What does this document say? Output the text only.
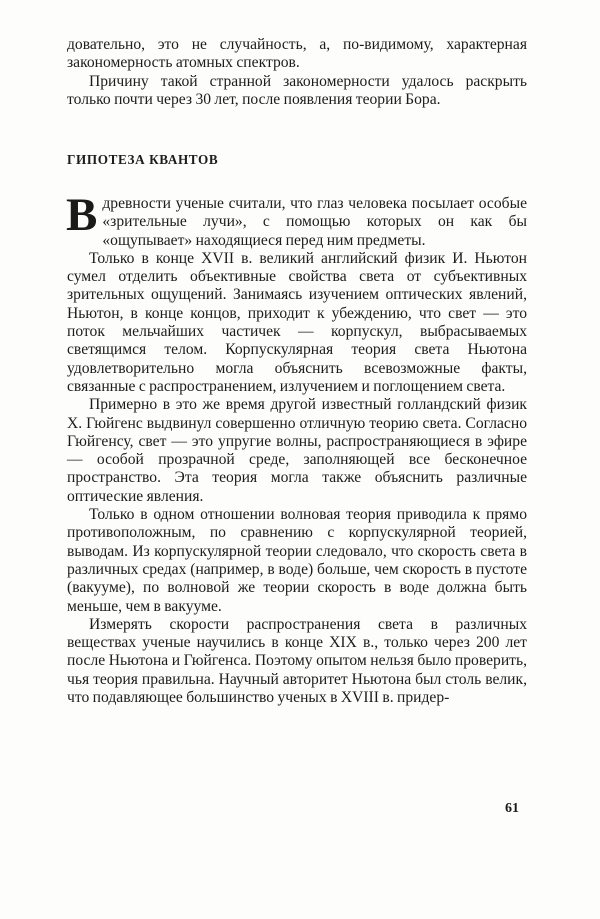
довательно, это не случайность, а, по-видимому, характерная закономерность атомных спектров.

Причину такой странной закономерности удалось раскрыть только почти через 30 лет, после появления теории Бора.

ГИПОТЕЗА КВАНТОВ

Вдревности ученые считали, что глаз человека посылает особые «зрительные лучи», с помощью которых он как бы «ощупывает» находящиеся перед ним предметы.

Только в конце XVII в. великий английский физик И. Ньютон сумел отделить объективные свойства света от субъективных зрительных ощущений. Занимаясь изучением оптических явлений, Ньютон, в конце концов, приходит к убеждению, что свет — это поток мельчайших частичек — корпускул, выбрасываемых светящимся телом. Корпускулярная теория света Ньютона удовлетворительно могла объяснить всевозможные факты, связанные с распространением, излучением и поглощением света.

Примерно в это же время другой известный голландский физик X. Гюйгенс выдвинул совершенно отличную теорию света. Согласно Гюйгенсу, свет — это упругие волны, распространяющиеся в эфире — особой прозрачной среде, заполняющей все бесконечное пространство. Эта теория могла также объяснить различные оптические явления.

Только в одном отношении волновая теория приводила к прямо противоположным, по сравнению с корпускулярной теорией, выводам. Из корпускулярной теории следовало, что скорость света в различных средах (например, в воде) больше, чем скорость в пустоте (вакууме), по волновой же теории скорость в воде должна быть меньше, чем в вакууме.

Измерять скорости распространения света в различных веществах ученые научились в конце XIX в., только через 200 лет после Ньютона и Гюйгенса. Поэтому опытом нельзя было проверить, чья теория правильна. Научный авторитет Ньютона был столь велик, что подавляющее большинство ученых в XVIII в. придер-

61
